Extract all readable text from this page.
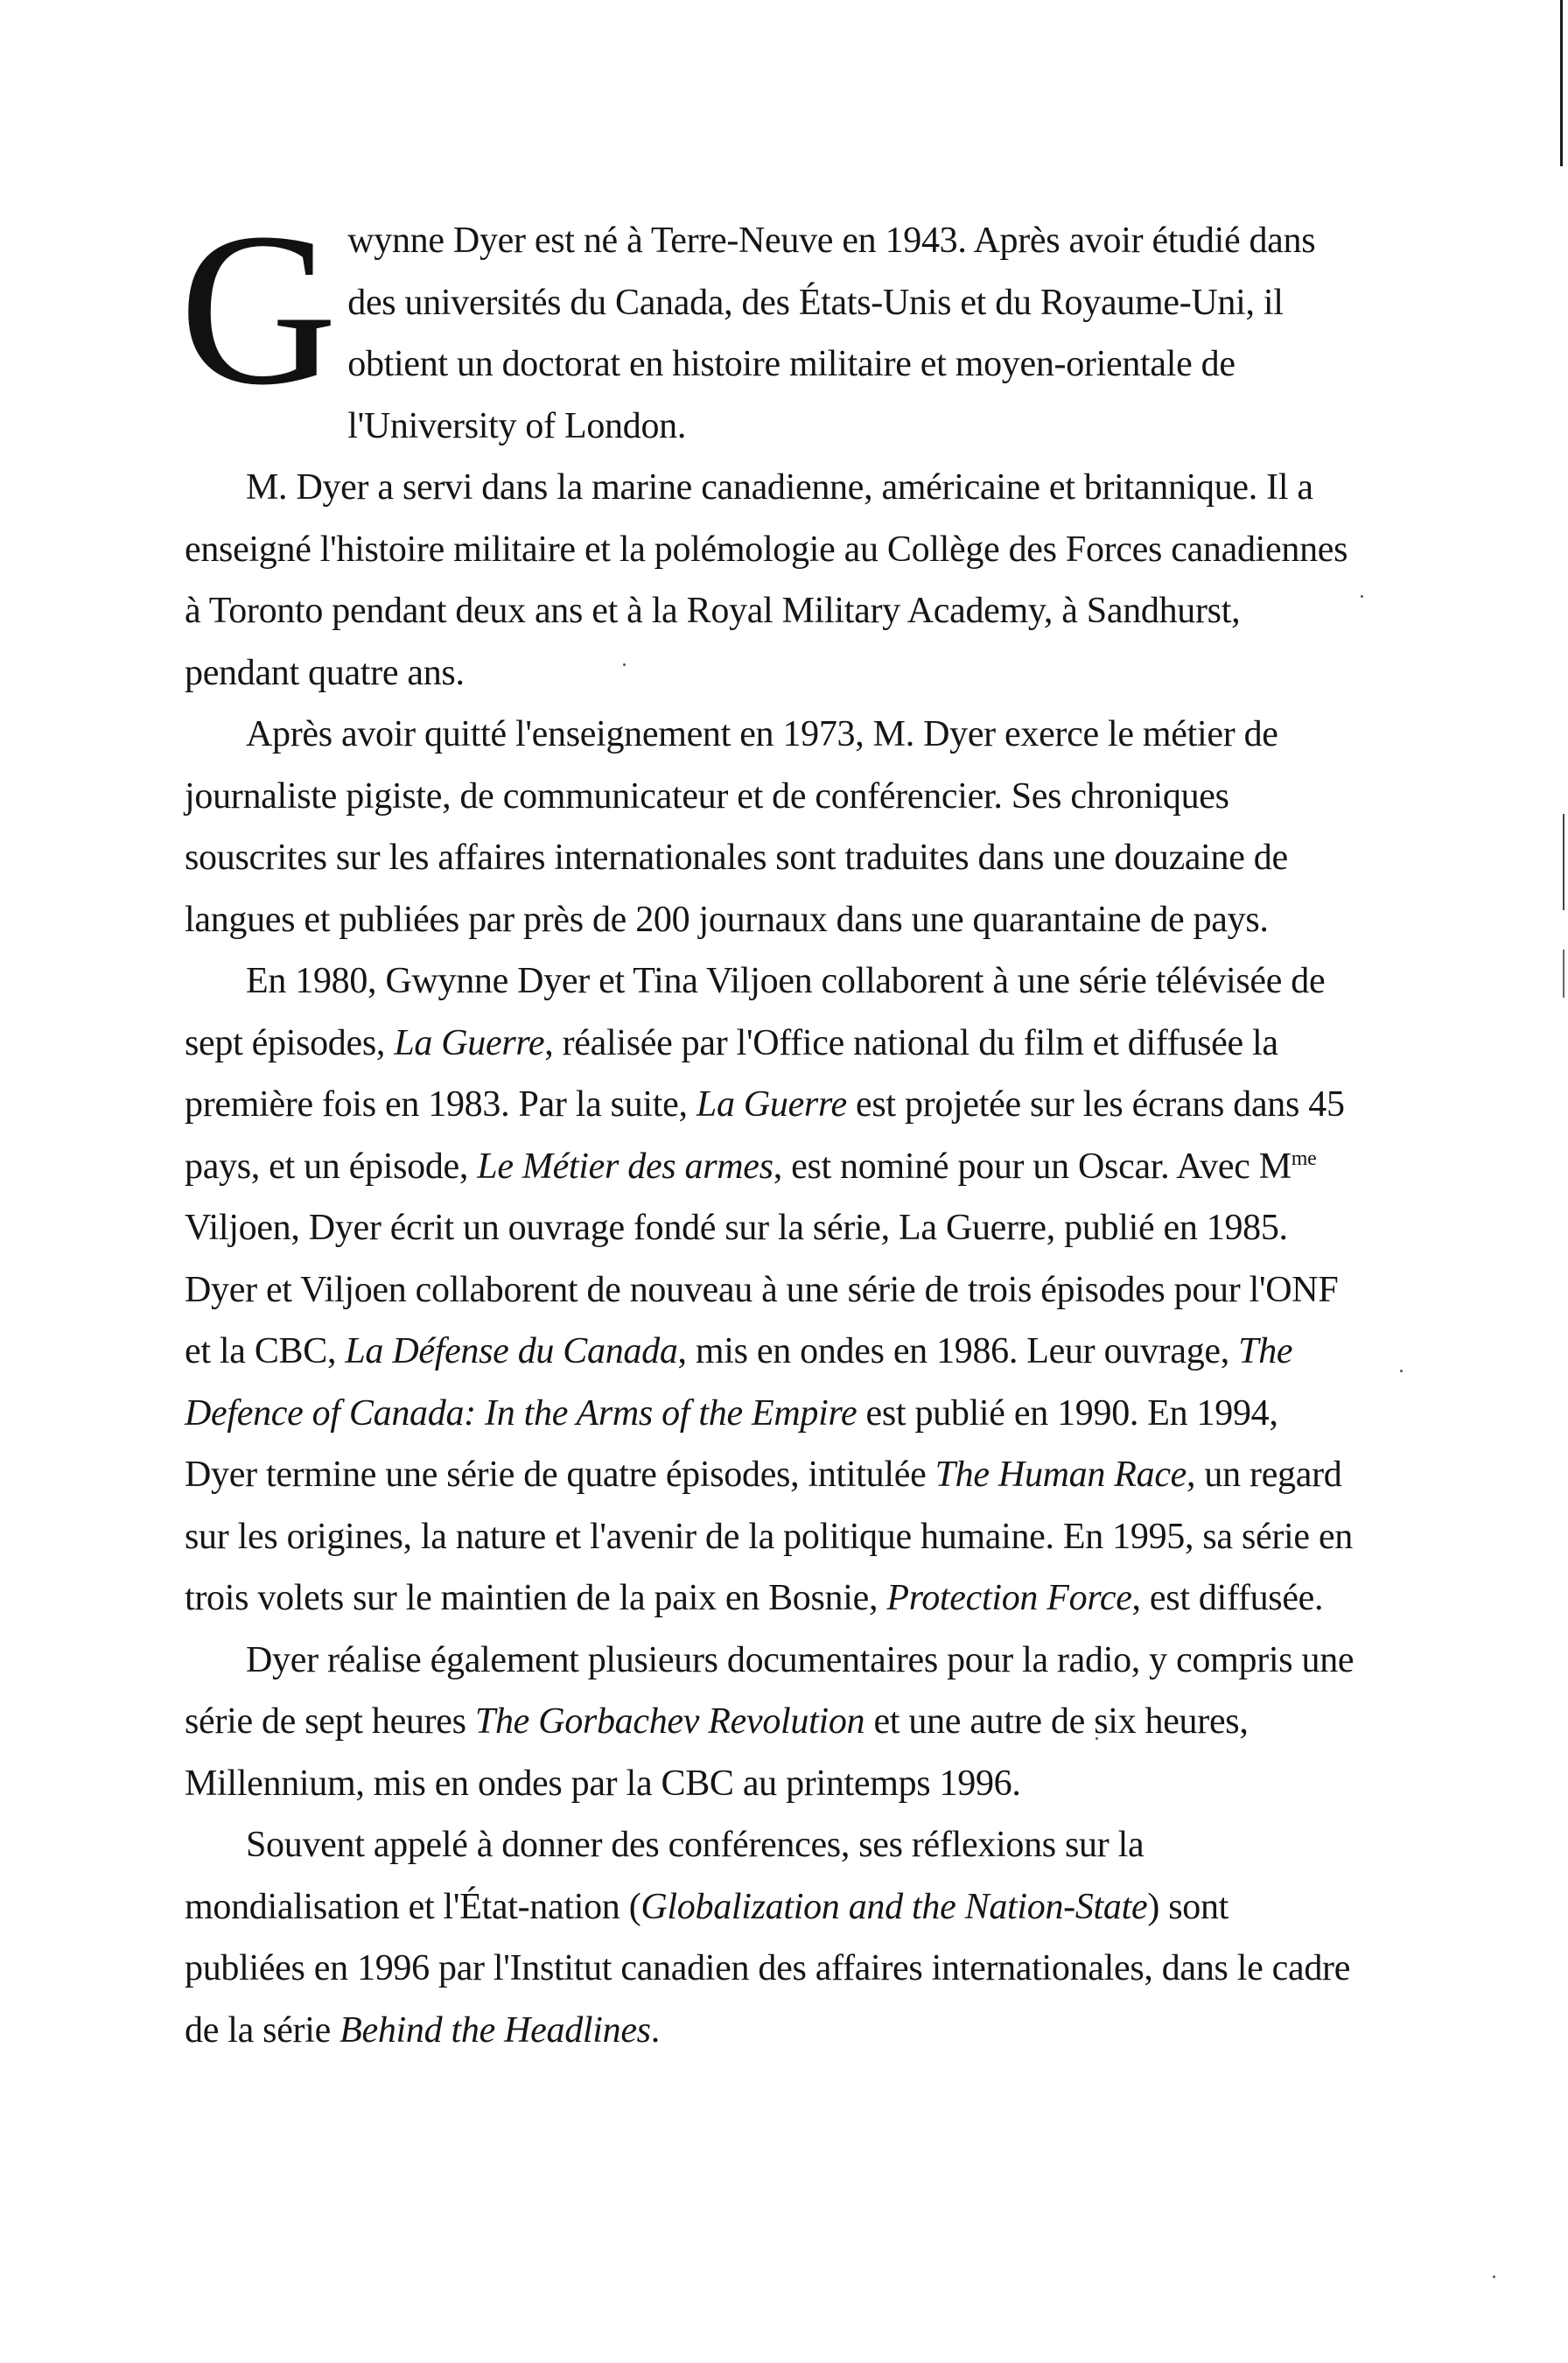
Gwynne Dyer est né à Terre-Neuve en 1943. Après avoir étudié dans des universités du Canada, des États-Unis et du Royaume-Uni, il obtient un doctorat en histoire militaire et moyen-orientale de l'University of London.
M. Dyer a servi dans la marine canadienne, américaine et britannique. Il a enseigné l'histoire militaire et la polémologie au Collège des Forces canadiennes à Toronto pendant deux ans et à la Royal Military Academy, à Sandhurst, pendant quatre ans.

Après avoir quitté l'enseignement en 1973, M. Dyer exerce le métier de journaliste pigiste, de communicateur et de conférencier. Ses chroniques souscrites sur les affaires internationales sont traduites dans une douzaine de langues et publiées par près de 200 journaux dans une quarantaine de pays.

En 1980, Gwynne Dyer et Tina Viljoen collaborent à une série télévisée de sept épisodes, La Guerre, réalisée par l'Office national du film et diffusée la première fois en 1983. Par la suite, La Guerre est projetée sur les écrans dans 45 pays, et un épisode, Le Métier des armes, est nominé pour un Oscar. Avec $M^{me}$ Viljoen, Dyer écrit un ouvrage fondé sur la série, La Guerre, publié en 1985. Dyer et Viljoen collaborent de nouveau à une série de trois épisodes pour l'ONF et la CBC, La Défense du Canada, mis en ondes en 1986. Leur ouvrage, The Defence of Canada: In the Arms of the Empire est publié en 1990. En 1994, Dyer termine une série de quatre épisodes, intitulée The Human Race, un regard sur les origines, la nature et l'avenir de la politique humaine. En 1995, sa série en trois volets sur le maintien de la paix en Bosnie, Protection Force, est diffusée.

Dyer réalise également plusieurs documentaires pour la radio, y compris une série de sept heures The Gorbachev Revolution et une autre de six heures, Millennium, mis en ondes par la CBC au printemps 1996.

Souvent appelé à donner des conférences, ses réflexions sur la mondialisation et l'État-nation (Globalization and the Nation-State) sont publiées en 1996 par l'Institut canadien des affaires internationales, dans le cadre de la série Behind the Headlines.
